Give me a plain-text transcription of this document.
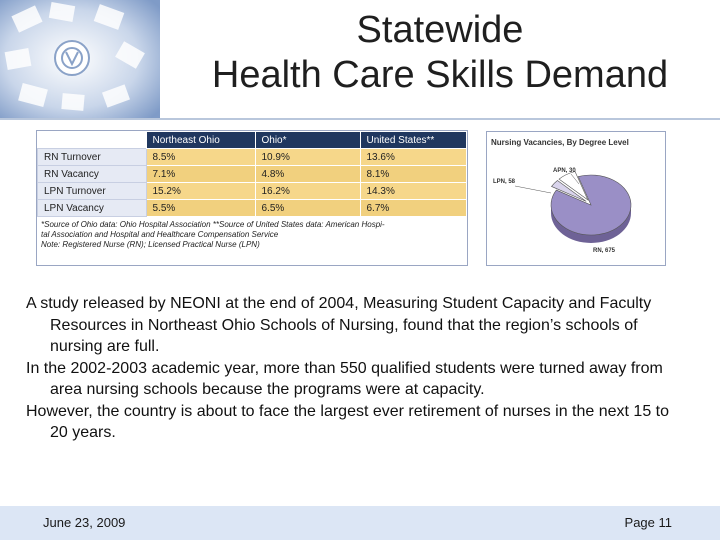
Statewide
Health Care Skills Demand
	Northeast Ohio	Ohio*	United States**
RN Turnover	8.5%	10.9%	13.6%
RN Vacancy	7.1%	4.8%	8.1%
LPN Turnover	15.2%	16.2%	14.3%
LPN Vacancy	5.5%	6.5%	6.7%
*Source of Ohio data: Ohio Hospital Association **Source of United States data: American Hospi-
tal Association and Hospital and Healthcare Compensation Service
Note: Registered Nurse (RN); Licensed Practical Nurse (LPN)
Nursing Vacancies, By Degree Level
RN, 675
APN, 30
LPN, 58

A study released by NEONI at the end of 2004, Measuring Student Capacity and Faculty Resources in Northeast Ohio Schools of Nursing, found that the region’s schools of nursing are full.

In the 2002-2003 academic year, more than 550 qualified students were turned away from area nursing schools because the programs were at capacity.

However, the country is about to face the largest ever retirement of nurses in the next 15 to 20 years.

June 23, 2009	Page 11
